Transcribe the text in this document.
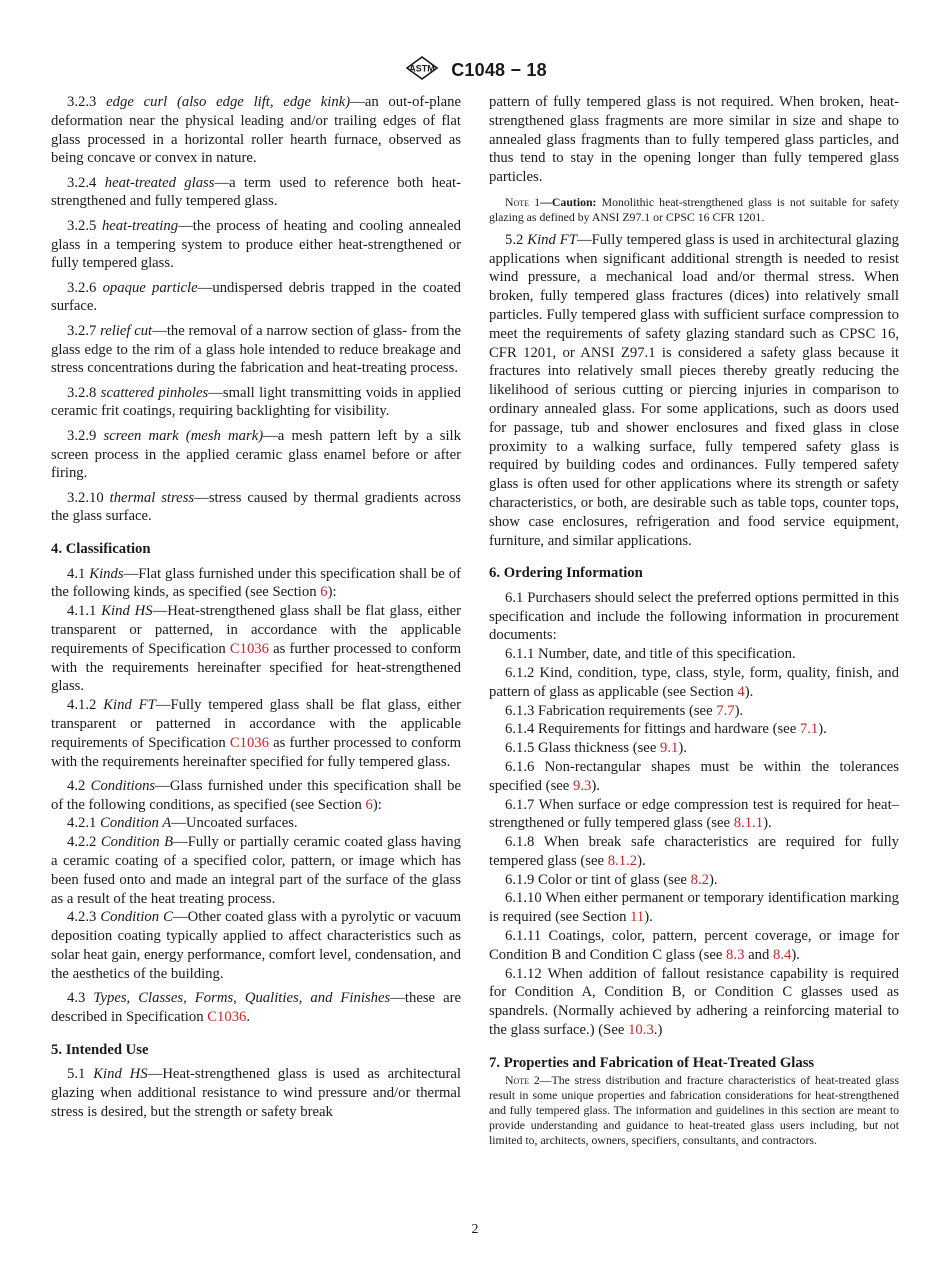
ASTM C1048 − 18

3.2.3 edge curl (also edge lift, edge kink)—an out-of-plane deformation near the physical leading and/or trailing edges of flat glass processed in a horizontal roller hearth furnace, observed as being concave or convex in nature.

3.2.4 heat-treated glass—a term used to reference both heat-strengthened and fully tempered glass.

3.2.5 heat-treating—the process of heating and cooling annealed glass in a tempering system to produce either heat-strengthened or fully tempered glass.

3.2.6 opaque particle—undispersed debris trapped in the coated surface.

3.2.7 relief cut—the removal of a narrow section of glass- from the glass edge to the rim of a glass hole intended to reduce breakage and stress concentrations during the fabrication and heat-treating process.

3.2.8 scattered pinholes—small light transmitting voids in applied ceramic frit coatings, requiring backlighting for visibility.

3.2.9 screen mark (mesh mark)—a mesh pattern left by a silk screen process in the applied ceramic glass enamel before or after firing.

3.2.10 thermal stress—stress caused by thermal gradients across the glass surface.

4. Classification

4.1 Kinds—Flat glass furnished under this specification shall be of the following kinds, as specified (see Section 6):

4.1.1 Kind HS—Heat-strengthened glass shall be flat glass, either transparent or patterned, in accordance with the applicable requirements of Specification C1036 as further processed to conform with the requirements hereinafter specified for heat-strengthened glass.

4.1.2 Kind FT—Fully tempered glass shall be flat glass, either transparent or patterned in accordance with the applicable requirements of Specification C1036 as further processed to conform with the requirements hereinafter specified for fully tempered glass.

4.2 Conditions—Glass furnished under this specification shall be of the following conditions, as specified (see Section 6):

4.2.1 Condition A—Uncoated surfaces.

4.2.2 Condition B—Fully or partially ceramic coated glass having a ceramic coating of a specified color, pattern, or image which has been fused onto and made an integral part of the surface of the glass as a result of the heat treating process.

4.2.3 Condition C—Other coated glass with a pyrolytic or vacuum deposition coating typically applied to affect characteristics such as solar heat gain, energy performance, comfort level, condensation, and the aesthetics of the building.

4.3 Types, Classes, Forms, Qualities, and Finishes—these are described in Specification C1036.

5. Intended Use

5.1 Kind HS—Heat-strengthened glass is used as architectural glazing when additional resistance to wind pressure and/or thermal stress is desired, but the strength or safety break

pattern of fully tempered glass is not required. When broken, heat-strengthened glass fragments are more similar in size and shape to annealed glass fragments than to fully tempered glass particles, and thus tend to stay in the opening longer than fully tempered glass particles.

Note 1—Caution: Monolithic heat-strengthened glass is not suitable for safety glazing as defined by ANSI Z97.1 or CPSC 16 CFR 1201.

5.2 Kind FT—Fully tempered glass is used in architectural glazing applications when significant additional strength is needed to resist wind pressure, a mechanical load and/or thermal stress. When broken, fully tempered glass fractures (dices) into relatively small particles. Fully tempered glass with sufficient surface compression to meet the requirements of safety glazing standard such as CPSC 16, CFR 1201, or ANSI Z97.1 is considered a safety glass because it fractures into relatively small pieces thereby greatly reducing the likelihood of serious cutting or piercing injuries in comparison to ordinary annealed glass. For some applications, such as doors used for passage, tub and shower enclosures and fixed glass in close proximity to a walking surface, fully tempered safety glass is required by building codes and ordinances. Fully tempered safety glass is often used for other applications where its strength or safety characteristics, or both, are desirable such as table tops, counter tops, show case enclosures, refrigeration and food service equipment, furniture, and similar applications.

6. Ordering Information

6.1 Purchasers should select the preferred options permitted in this specification and include the following information in procurement documents:

6.1.1 Number, date, and title of this specification.

6.1.2 Kind, condition, type, class, style, form, quality, finish, and pattern of glass as applicable (see Section 4).

6.1.3 Fabrication requirements (see 7.7).

6.1.4 Requirements for fittings and hardware (see 7.1).

6.1.5 Glass thickness (see 9.1).

6.1.6 Non-rectangular shapes must be within the tolerances specified (see 9.3).

6.1.7 When surface or edge compression test is required for heat–strengthened or fully tempered glass (see 8.1.1).

6.1.8 When break safe characteristics are required for fully tempered glass (see 8.1.2).

6.1.9 Color or tint of glass (see 8.2).

6.1.10 When either permanent or temporary identification marking is required (see Section 11).

6.1.11 Coatings, color, pattern, percent coverage, or image for Condition B and Condition C glass (see 8.3 and 8.4).

6.1.12 When addition of fallout resistance capability is required for Condition A, Condition B, or Condition C glasses used as spandrels. (Normally achieved by adhering a reinforcing material to the glass surface.) (See 10.3.)

7. Properties and Fabrication of Heat-Treated Glass

Note 2—The stress distribution and fracture characteristics of heat-treated glass result in some unique properties and fabrication considerations for heat-strengthened and fully tempered glass. The information and guidelines in this section are meant to provide understanding and guidance to heat-treated glass users including, but not limited to, architects, owners, specifiers, consultants, and contractors.

2
